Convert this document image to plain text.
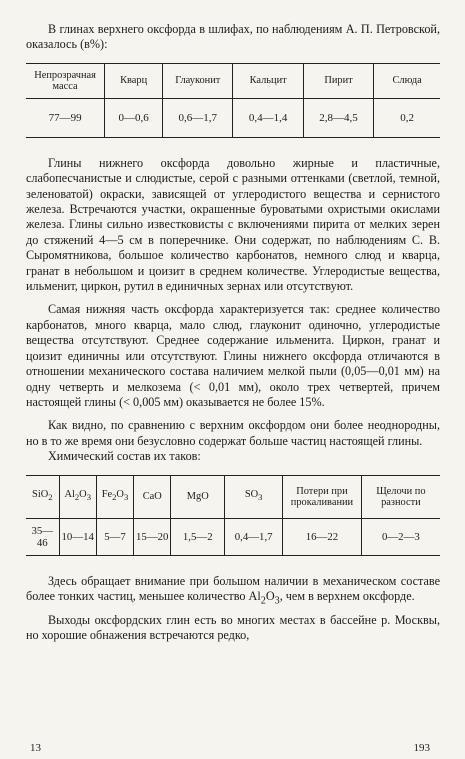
В глинах верхнего оксфорда в шлифах, по наблюдениям А. П. Петровской, оказалось (в%):

Непрозрачная масса	Кварц	Глауконит	Кальцит	Пирит	Слюда
77—99	0—0,6	0,6—1,7	0,4—1,4	2,8—4,5	0,2

Глины нижнего оксфорда довольно жирные и пластичные, слабопесчанистые и слюдистые, серой с разными оттенками (светлой, темной, зеленоватой) окраски, зависящей от углеродистого вещества и сернистого железа. Встречаются участки, окрашенные буроватыми охристыми окислами железа. Глины сильно известковисты с включениями пирита от мелких зерен до стяжений 4—5 см в поперечнике. Они содержат, по наблюдениям С. В. Сыромятникова, большое количество карбонатов, немного слюд и кварца, гранат в небольшом и цоизит в среднем количестве. Углеродистые вещества, ильменит, циркон, рутил в единичных зернах или отсутствуют.

Самая нижняя часть оксфорда характеризуется так: среднее количество карбонатов, много кварца, мало слюд, глауконит одиночно, углеродистые вещества отсутствуют. Среднее содержание ильменита. Циркон, гранат и цоизит единичны или отсутствуют. Глины нижнего оксфорда отличаются в отношении механического состава наличием мелкой пыли (0,05—0,01 мм) на одну четверть и мелкозема (< 0,01 мм), около трех четвертей, причем настоящей глины (< 0,005 мм) оказывается не более 15%.

Как видно, по сравнению с верхним оксфордом они более неоднородны, но в то же время они безусловно содержат больше частиц настоящей глины.

Химический состав их таков:

SiO$_2$	$Al_2O_3$	$Fe_2O_3$	CaO	MgO	$SO_3$	Потери при прокаливании	Щелочи по разности
35—46	10—14	5—7	15—20	1,5—2	0,4—1,7	16—22	0—2—3

Здесь обращает внимание при большом наличии в механическом составе более тонких частиц, меньшее количество $Al_2O_3$, чем в верхнем оксфорде.

Выходы оксфордских глин есть во многих местах в бассейне р. Москвы, но хорошие обнажения встречаются редко,

13	193
